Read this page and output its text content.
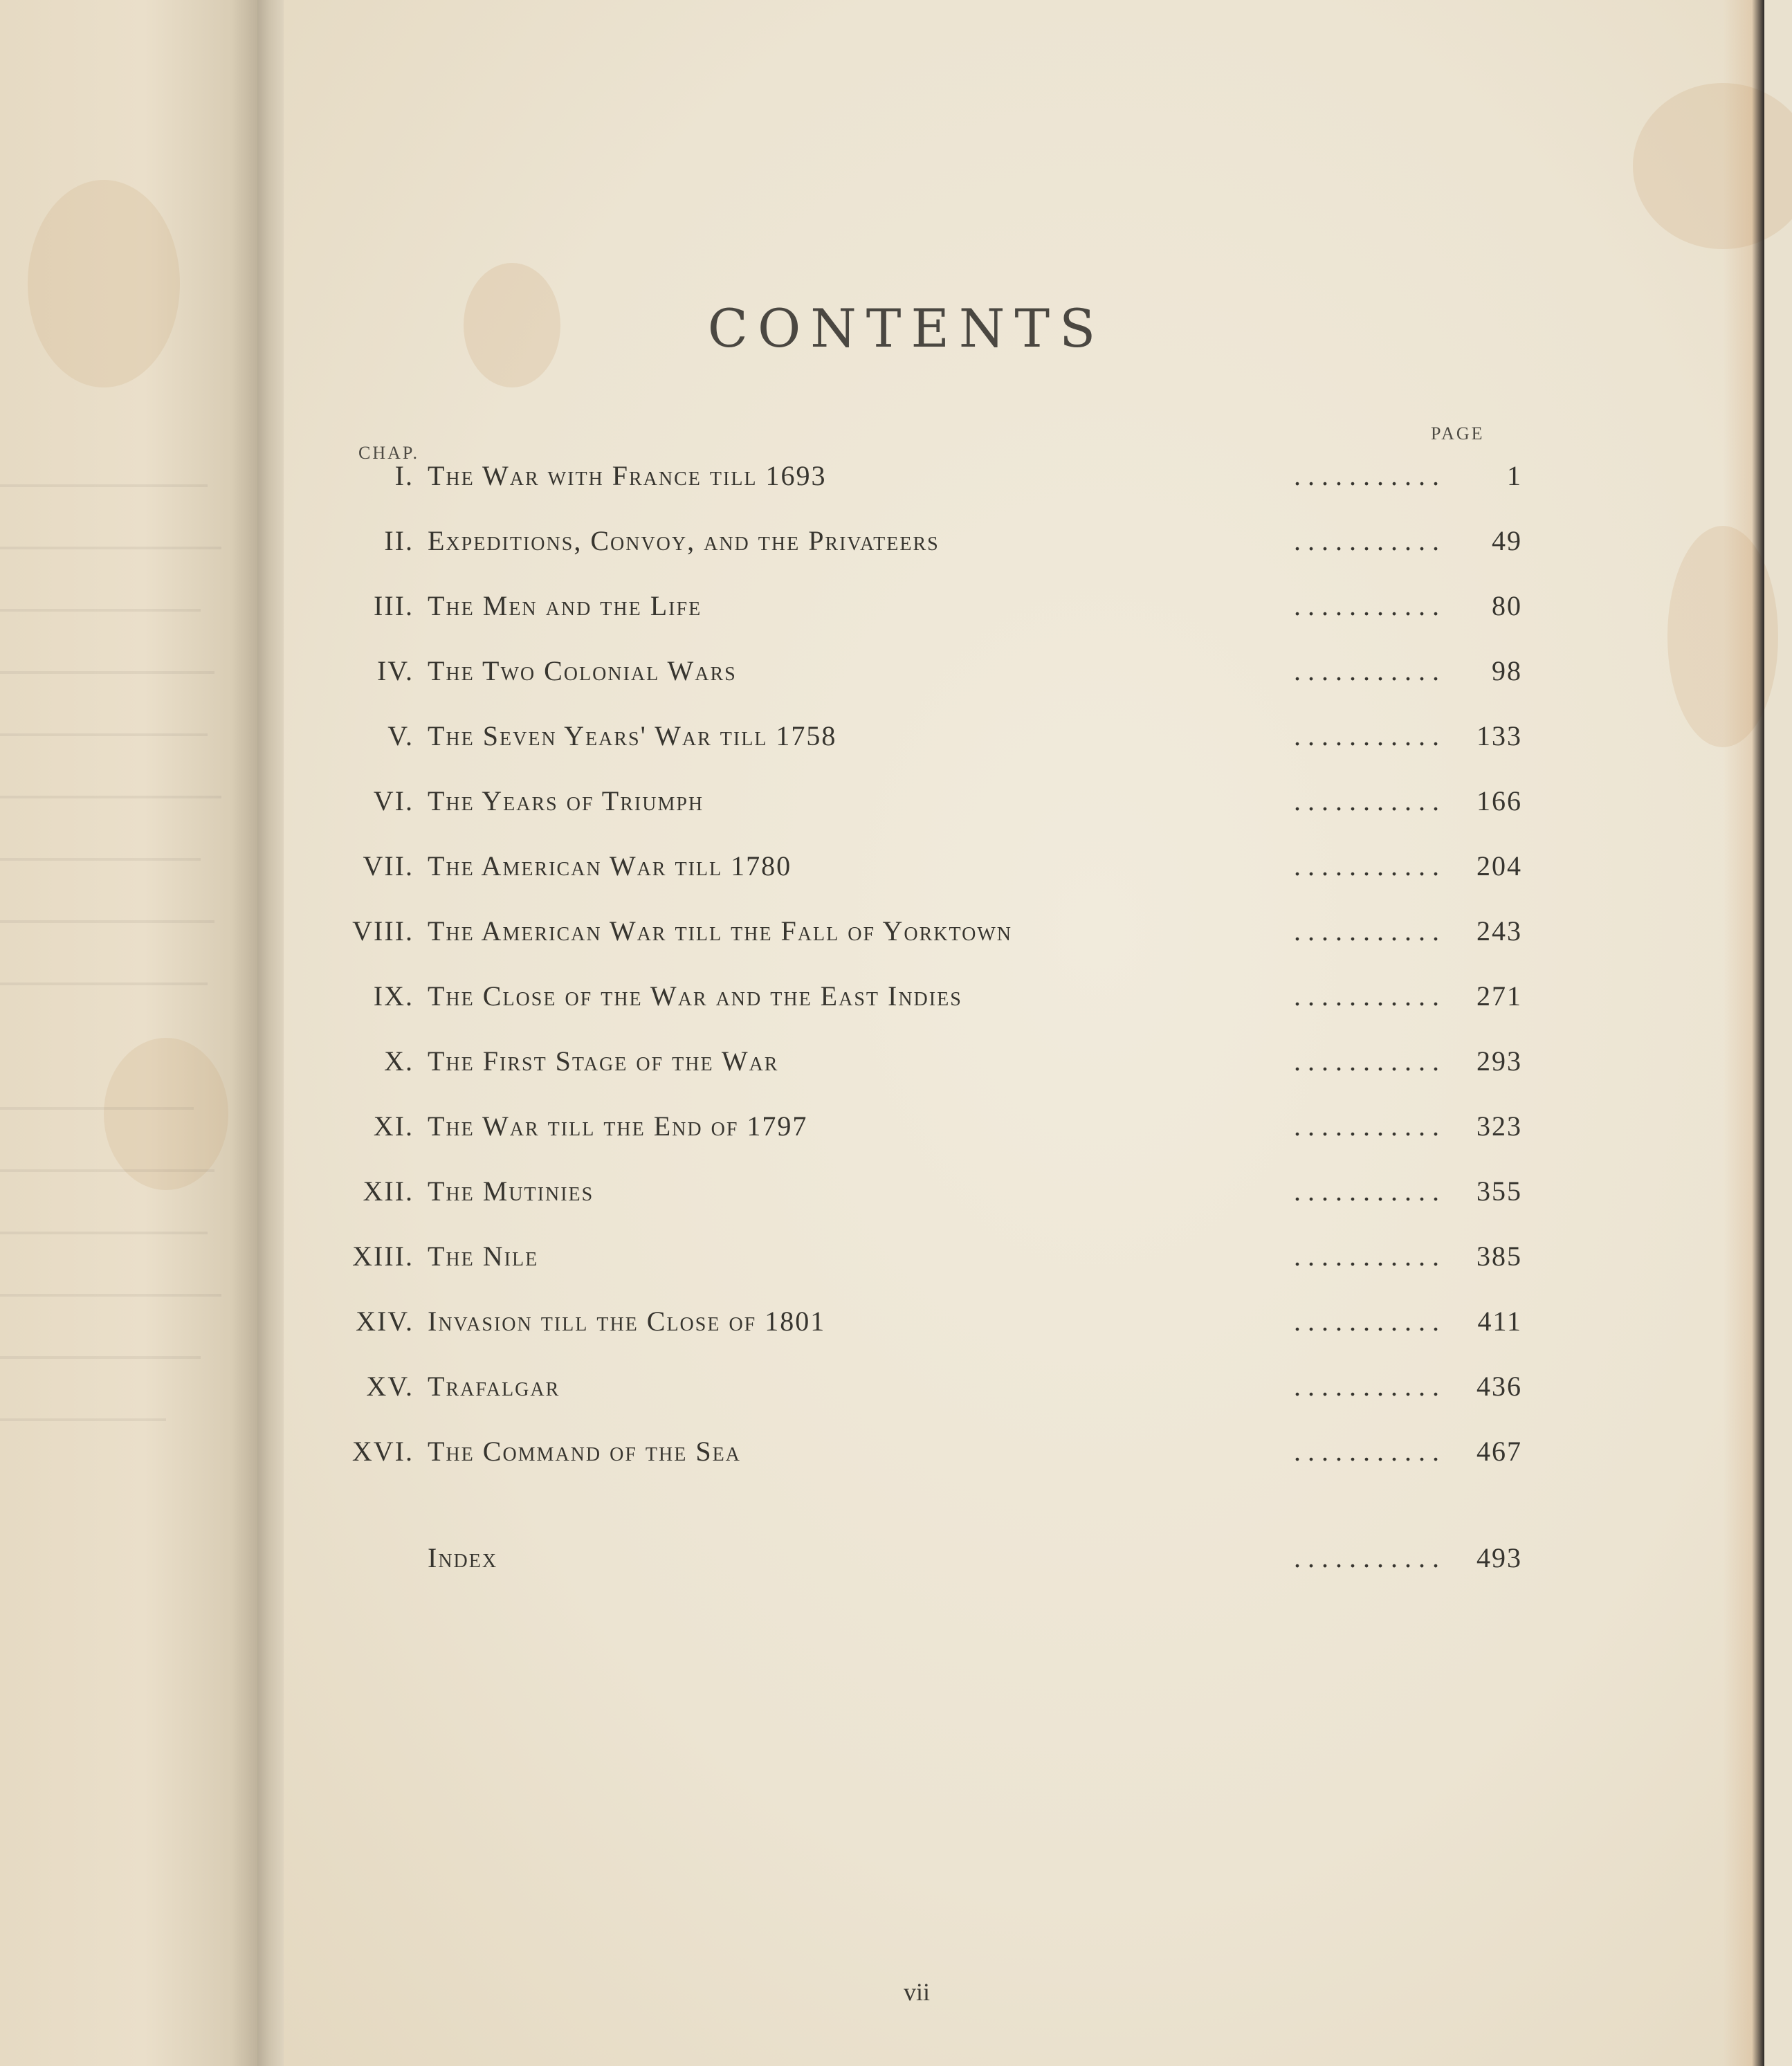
CONTENTS
CHAP.
PAGE
I. The War with France till 1693	. . . . . . . . . . .	1
II. Expeditions, Convoy, and the Privateers	. . . . . . . . . . .	49
III. The Men and the Life	. . . . . . . . . . .	80
IV. The Two Colonial Wars	. . . . . . . . . . .	98
V. The Seven Years' War till 1758	. . . . . . . . . . .	133
VI. The Years of Triumph	. . . . . . . . . . .	166
VII. The American War till 1780	. . . . . . . . . . .	204
VIII. The American War till the Fall of Yorktown	. . . . . . . . . . .	243
IX. The Close of the War and the East Indies	. . . . . . . . . . .	271
X. The First Stage of the War	. . . . . . . . . . .	293
XI. The War till the End of 1797	. . . . . . . . . . .	323
XII. The Mutinies	. . . . . . . . . . .	355
XIII. The Nile	. . . . . . . . . . .	385
XIV. Invasion till the Close of 1801	. . . . . . . . . . .	411
XV. Trafalgar	. . . . . . . . . . .	436
XVI. The Command of the Sea	. . . . . . . . . . .	467
Index	. . . . . . . . . . .	493
vii
